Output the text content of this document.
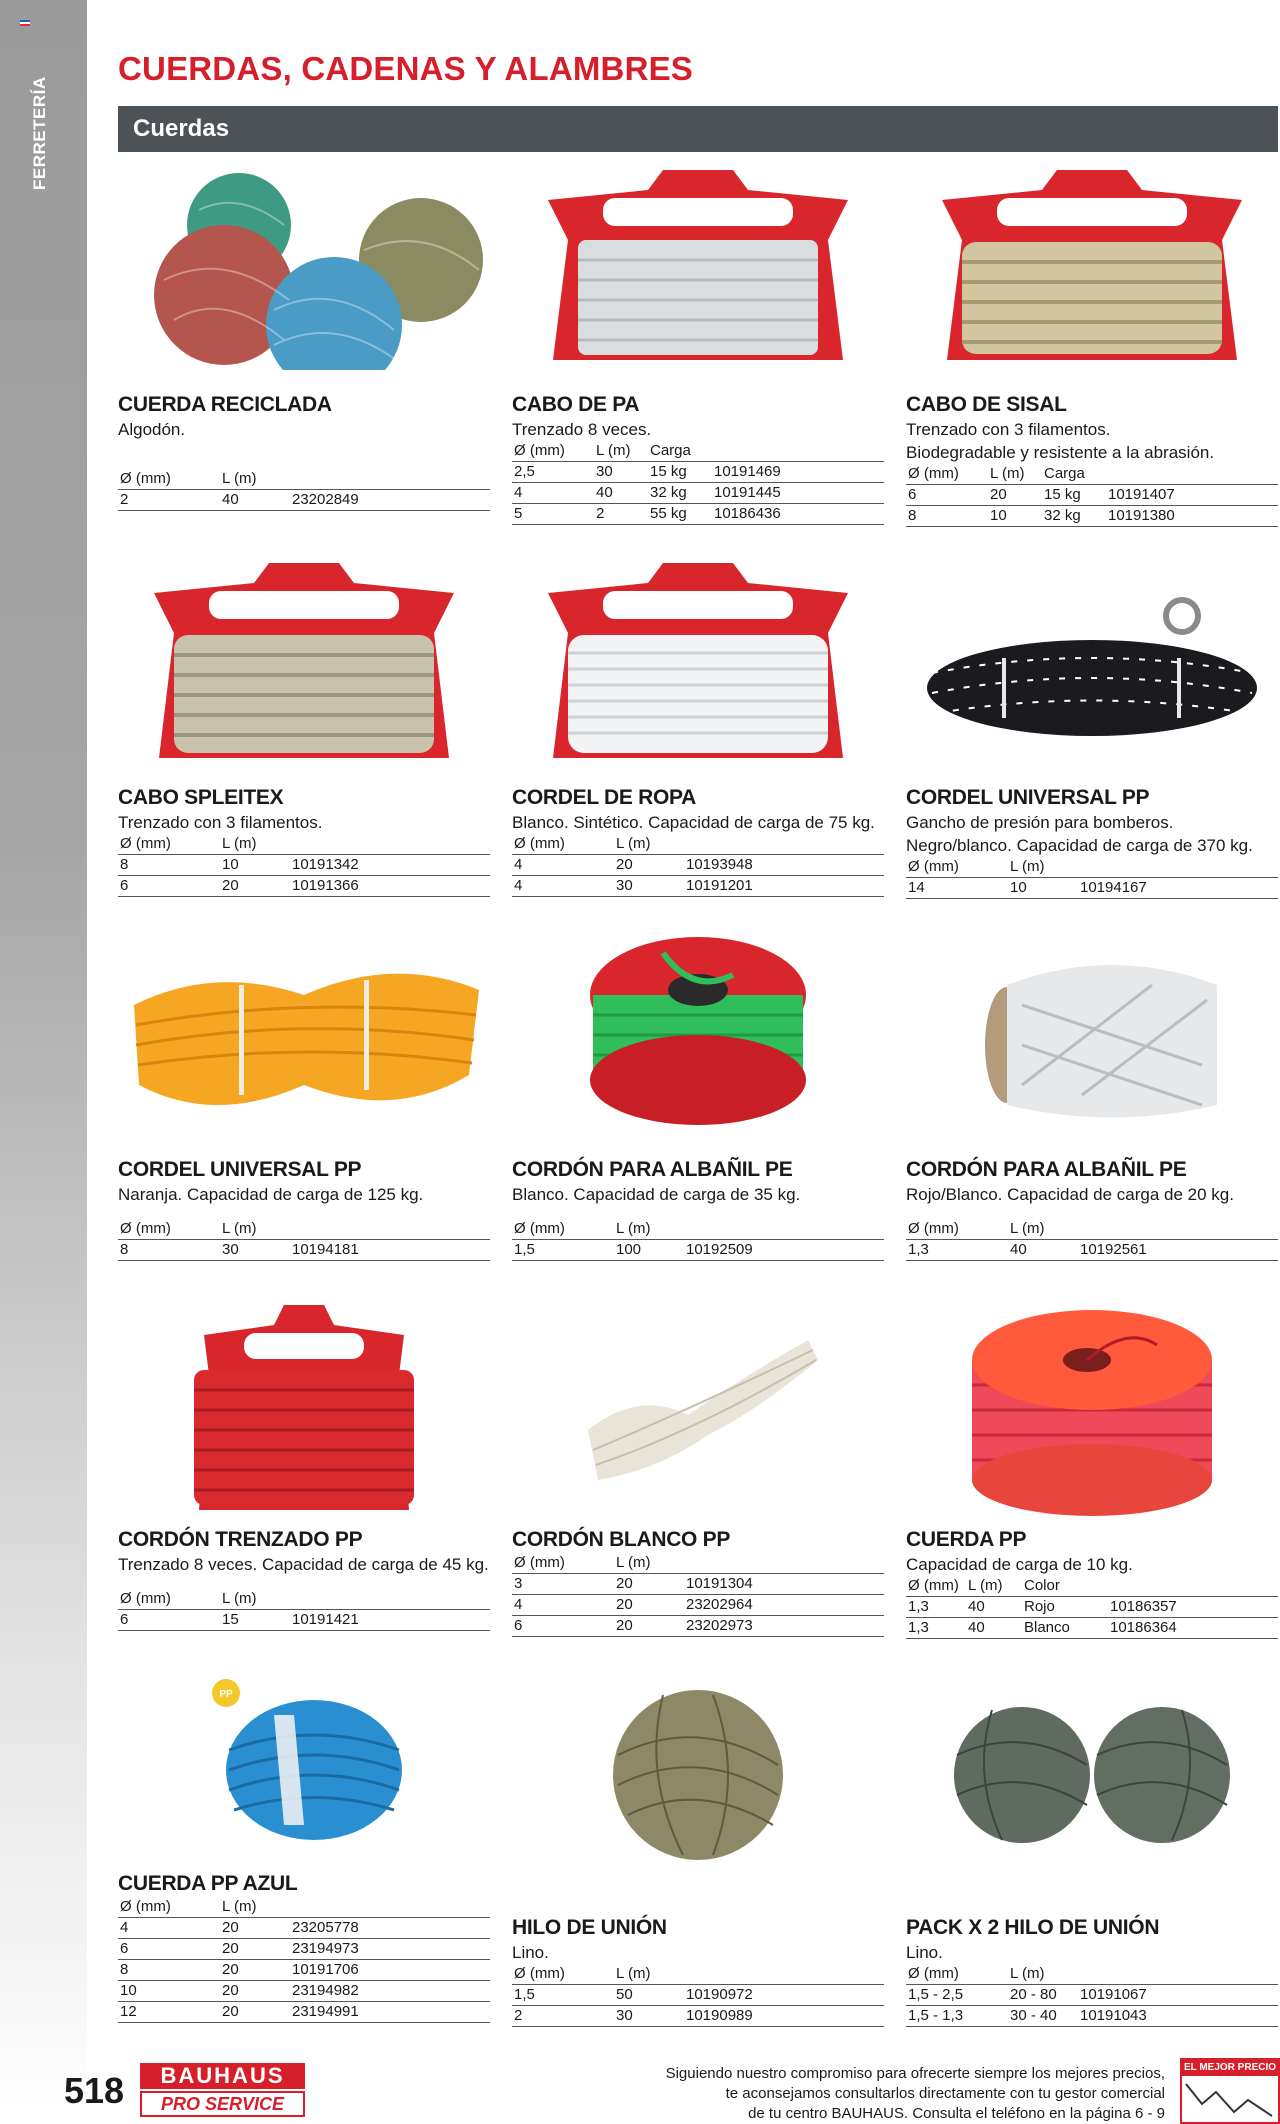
FERRETERÍA
CUERDAS, CADENAS Y ALAMBRES
Cuerdas
CUERDA RECICLADA
Algodón.
Ø (mm)	L (m)	
2	40	23202849
CABO DE PA
Trenzado 8 veces.
Ø (mm)	L (m)	Carga	
2,5	30	15 kg	10191469
4	40	32 kg	10191445
5	2	55 kg	10186436
CABO DE SISAL
Trenzado con 3 filamentos.
Biodegradable y resistente a la abrasión.
Ø (mm)	L (m)	Carga	
6	20	15 kg	10191407
8	10	32 kg	10191380
CABO SPLEITEX
Trenzado con 3 filamentos.
Ø (mm)	L (m)	
8	10	10191342
6	20	10191366
CORDEL DE ROPA
Blanco. Sintético. Capacidad de carga de 75 kg.
Ø (mm)	L (m)	
4	20	10193948
4	30	10191201
CORDEL UNIVERSAL PP
Gancho de presión para bomberos.
Negro/blanco. Capacidad de carga de 370 kg.
Ø (mm)	L (m)	
14	10	10194167
CORDEL UNIVERSAL PP
Naranja. Capacidad de carga de 125 kg.
Ø (mm)	L (m)	
8	30	10194181
CORDÓN PARA ALBAÑIL PE
Blanco. Capacidad de carga de 35 kg.
Ø (mm)	L (m)	
1,5	100	10192509
CORDÓN PARA ALBAÑIL PE
Rojo/Blanco. Capacidad de carga de 20 kg.
Ø (mm)	L (m)	
1,3	40	10192561
CORDÓN TRENZADO PP
Trenzado 8 veces. Capacidad de carga de 45 kg.
Ø (mm)	L (m)	
6	15	10191421
CORDÓN BLANCO PP
Ø (mm)	L (m)	
3	20	10191304
4	20	23202964
6	20	23202973
CUERDA PP
Capacidad de carga de 10 kg.
Ø (mm)	L (m)	Color	
1,3	40	Rojo	10186357
1,3	40	Blanco	10186364
PP
CUERDA PP AZUL
Ø (mm)	L (m)	
4	20	23205778
6	20	23194973
8	20	10191706
10	20	23194982
12	20	23194991
HILO DE UNIÓN
Lino.
Ø (mm)	L (m)	
1,5	50	10190972
2	30	10190989
PACK X 2 HILO DE UNIÓN
Lino.
Ø (mm)	L (m)	
1,5 - 2,5	20 - 80	10191067
1,5 - 1,3	30 - 40	10191043
518	BAUHAUS
PRO SERVICE
Siguiendo nuestro compromiso para ofrecerte siempre los mejores precios,
te aconsejamos consultarlos directamente con tu gestor comercial
de tu centro BAUHAUS. Consulta el teléfono en la página 6 - 9
EL MEJOR PRECIO
